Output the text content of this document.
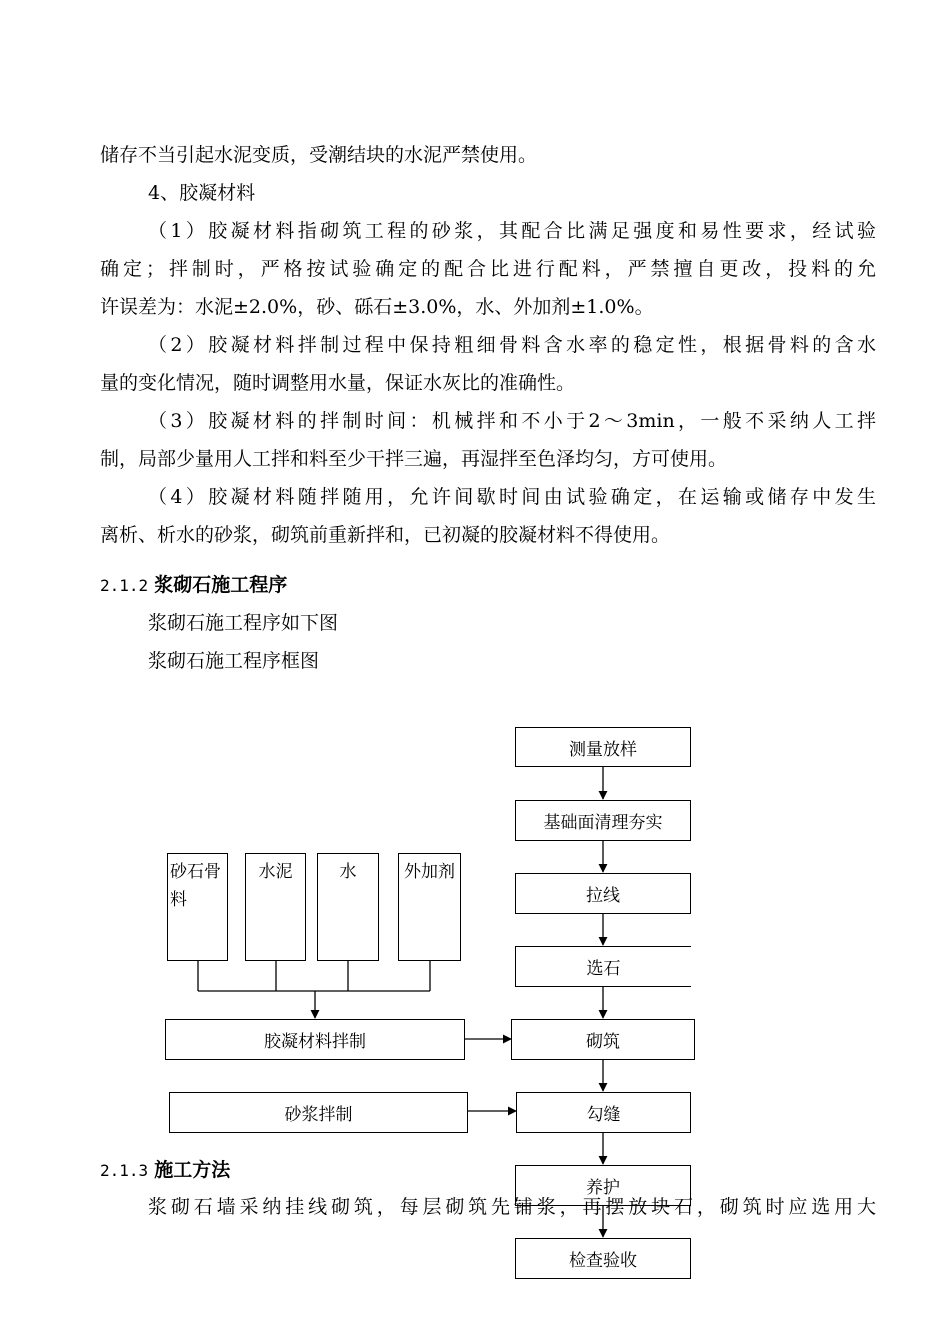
储存不当引起水泥变质，受潮结块的水泥严禁使用。
4、胶凝材料
（1）胶凝材料指砌筑工程的砂浆，其配合比满足强度和易性要求，经试验
确定；拌制时，严格按试验确定的配合比进行配料，严禁擅自更改，投料的允
许误差为：水泥±2.0%，砂、砾石±3.0%，水、外加剂±1.0%。
（2）胶凝材料拌制过程中保持粗细骨料含水率的稳定性，根据骨料的含水
量的变化情况，随时调整用水量，保证水灰比的准确性。
（3）胶凝材料的拌制时间：机械拌和不小于2～3min，一般不采纳人工拌
制，局部少量用人工拌和料至少干拌三遍，再湿拌至色泽均匀，方可使用。
（4）胶凝材料随拌随用，允许间歇时间由试验确定，在运输或储存中发生
离析、析水的砂浆，砌筑前重新拌和，已初凝的胶凝材料不得使用。
2.1.2 浆砌石施工程序
浆砌石施工程序如下图
浆砌石施工程序框图
测量放样
基础面清理夯实
拉线
选石
砌筑
勾缝
养护
检查验收
砂石骨料
水泥	水	外加剂
胶凝材料拌制
砂浆拌制
2.1.3 施工方法
浆砌石墙采纳挂线砌筑，每层砌筑先铺浆，再摆放块石，砌筑时应选用大
